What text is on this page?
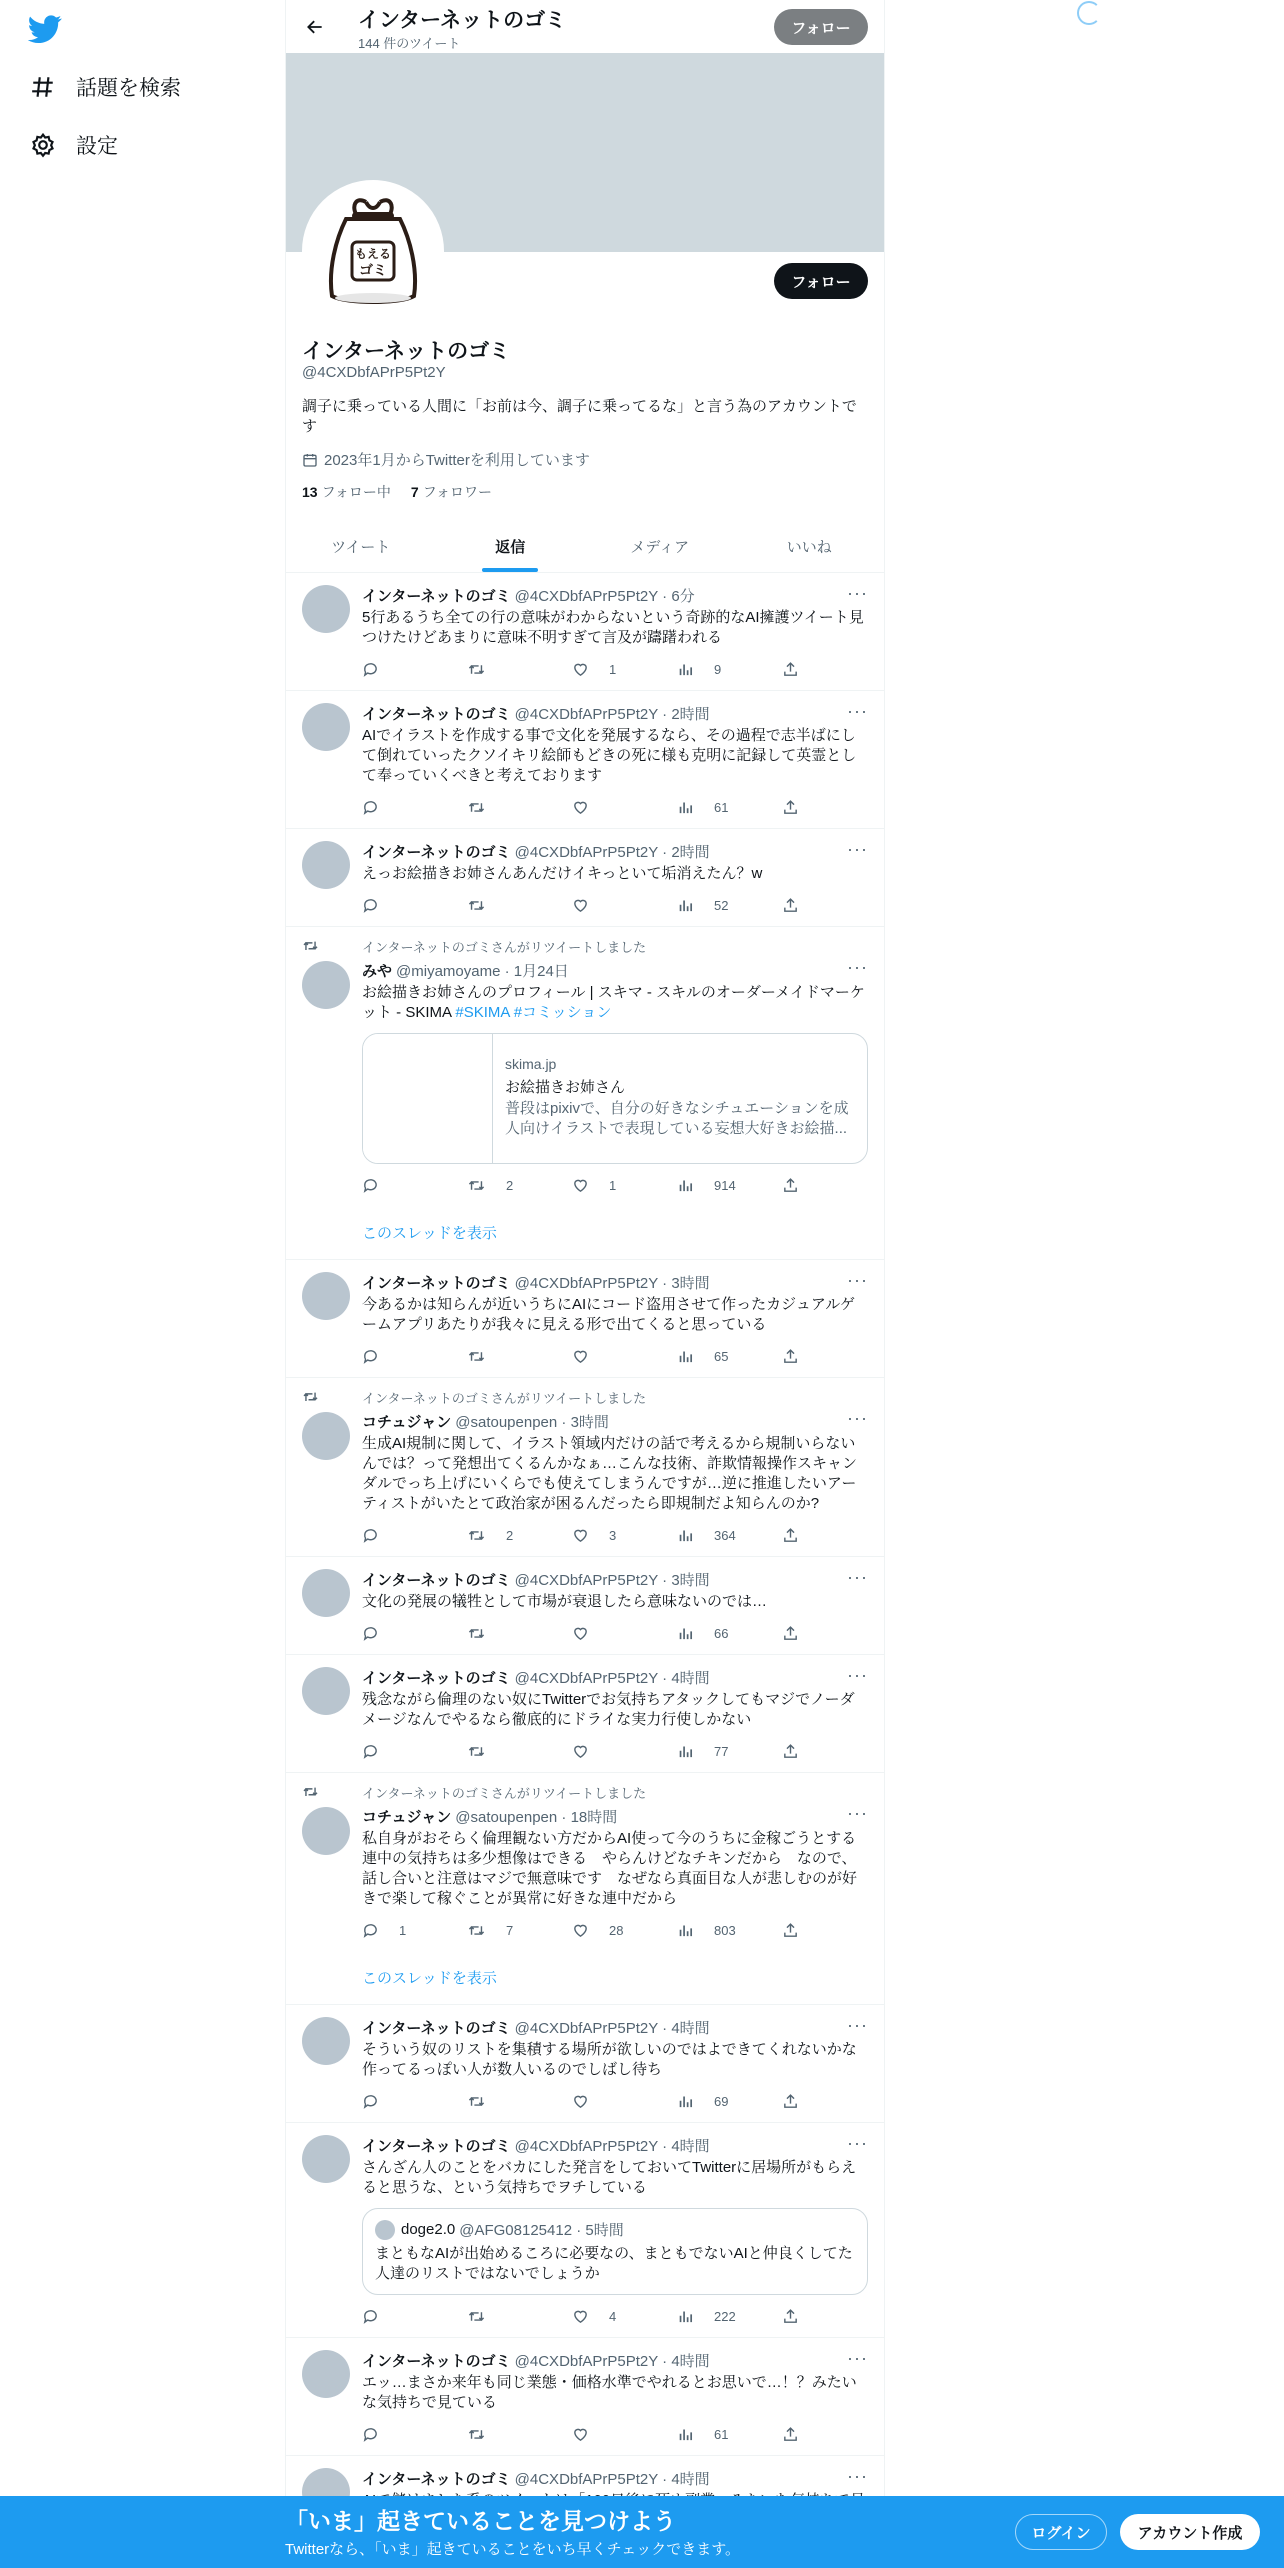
話題を検索
設定
インターネットのゴミ
144 件のツイート
フォロー
もえる
ゴミ
フォロー
インターネットのゴミ
@4CXDbfAPrP5Pt2Y
調子に乗っている人間に「お前は今、調子に乗ってるな」と言う為のアカウントです
2023年1月からTwitterを利用しています
13 フォロー中 7 フォロワー
ツイート	返信	メディア	いいね
···
インターネットのゴミ @4CXDbfAPrP5Pt2Y · 6分
5行あるうち全ての行の意味がわからないという奇跡的なAI擁護ツイート見つけたけどあまりに意味不明すぎて言及が躊躇われる
1	9
···
インターネットのゴミ @4CXDbfAPrP5Pt2Y · 2時間
AIでイラストを作成する事で文化を発展するなら、その過程で志半ばにして倒れていったクソイキリ絵師もどきの死に様も克明に記録して英霊として奉っていくべきと考えております
61
···
インターネットのゴミ @4CXDbfAPrP5Pt2Y · 2時間
えっお絵描きお姉さんあんだけイキっといて垢消えたん？w
52
インターネットのゴミさんがリツイートしました
···
みや @miyamoyame · 1月24日
お絵描きお姉さんのプロフィール | スキマ - スキルのオーダーメイドマーケット - SKIMA #SKIMA #コミッション
skima.jp
お絵描きお姉さん
普段はpixivで、自分の好きなシチュエーションを成人向けイラストで表現している妄想大好きお絵描...
2	1	914
このスレッドを表示
···
インターネットのゴミ @4CXDbfAPrP5Pt2Y · 3時間
今あるかは知らんが近いうちにAIにコード盗用させて作ったカジュアルゲームアプリあたりが我々に見える形で出てくると思っている
65
インターネットのゴミさんがリツイートしました
···
コチュジャン @satoupenpen · 3時間
生成AI規制に関して、イラスト領域内だけの話で考えるから規制いらないんでは？って発想出てくるんかなぁ…こんな技術、詐欺情報操作スキャンダルでっち上げにいくらでも使えてしまうんですが…逆に推進したいアーティストがいたとて政治家が困るんだったら即規制だよ知らんのか?
2	3	364
···
インターネットのゴミ @4CXDbfAPrP5Pt2Y · 3時間
文化の発展の犠牲として市場が衰退したら意味ないのでは…
66
···
インターネットのゴミ @4CXDbfAPrP5Pt2Y · 4時間
残念ながら倫理のない奴にTwitterでお気持ちアタックしてもマジでノーダメージなんでやるなら徹底的にドライな実力行使しかない
77
インターネットのゴミさんがリツイートしました
···
コチュジャン @satoupenpen · 18時間
私自身がおそらく倫理観ない方だからAI使って今のうちに金稼ごうとする連中の気持ちは多少想像はできる　やらんけどなチキンだから　なので、話し合いと注意はマジで無意味です　なぜなら真面目な人が悲しむのが好きで楽して稼ぐことが異常に好きな連中だから
1	7	28	803
このスレッドを表示
···
インターネットのゴミ @4CXDbfAPrP5Pt2Y · 4時間
そういう奴のリストを集積する場所が欲しいのではよできてくれないかな作ってるっぽい人が数人いるのでしばし待ち
69
···
インターネットのゴミ @4CXDbfAPrP5Pt2Y · 4時間
さんざん人のことをバカにした発言をしておいてTwitterに居場所がもらえると思うな、という気持ちでヲチしている
doge2.0 @AFG08125412 · 5時間
まともなAIが出始めるころに必要なの、まともでないAIと仲良くしてた人達のリストではないでしょうか
4	222
···
インターネットのゴミ @4CXDbfAPrP5Pt2Y · 4時間
エッ…まさか来年も同じ業態・価格水準でやれるとお思いで…！？みたいな気持ちで見ている
61
···
インターネットのゴミ @4CXDbfAPrP5Pt2Y · 4時間
「いま」起きていることを見つけよう
Twitterなら、「いま」起きていることをいち早くチェックできます。
ログイン	アカウント作成
